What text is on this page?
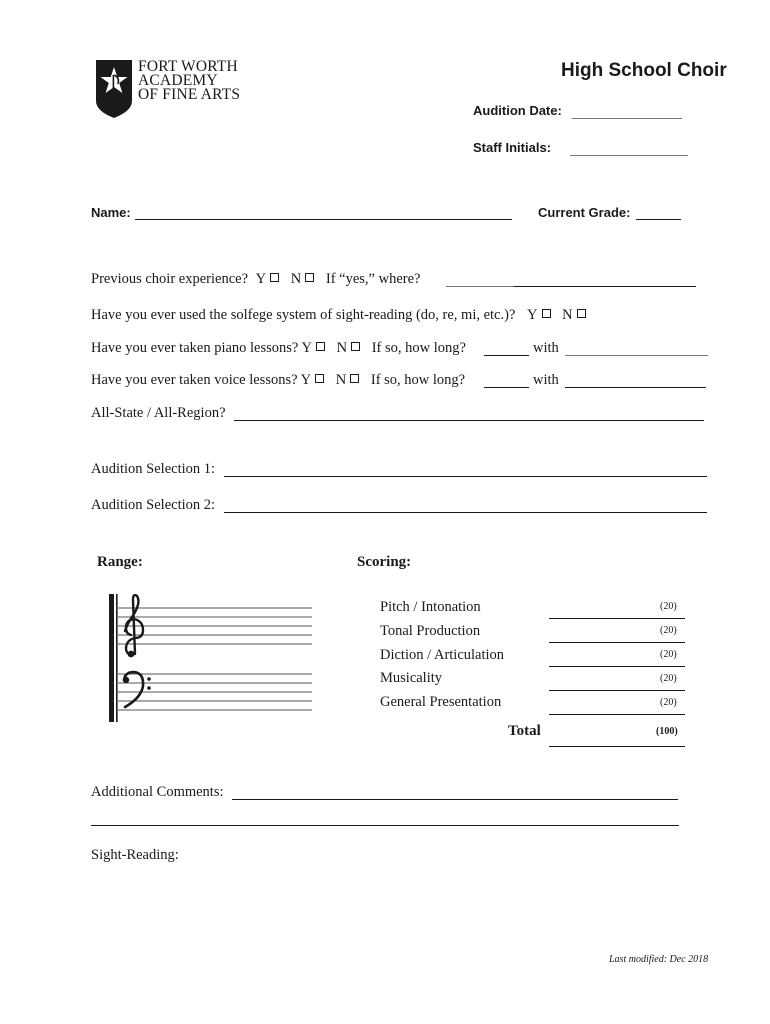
FORT WORTH
ACADEMY
OF FINE ARTS
High School Choir
Audition Date:
Staff Initials:
Name:	Current Grade:
Previous choir experience? Y N If “yes,” where?
Have you ever used the solfege system of sight-reading (do, re, mi, etc.)? Y N
Have you ever taken piano lessons? Y N If so, how long?	with
Have you ever taken voice lessons? Y N If so, how long?	with
All-State / All-Region?
Audition Selection 1:
Audition Selection 2:
Range:	Scoring:
Pitch / Intonation	(20)
Tonal Production	(20)
Diction / Articulation	(20)
Musicality	(20)
General Presentation	(20)
Total	(100)
Additional Comments:
Sight-Reading:
Last modified: Dec 2018
